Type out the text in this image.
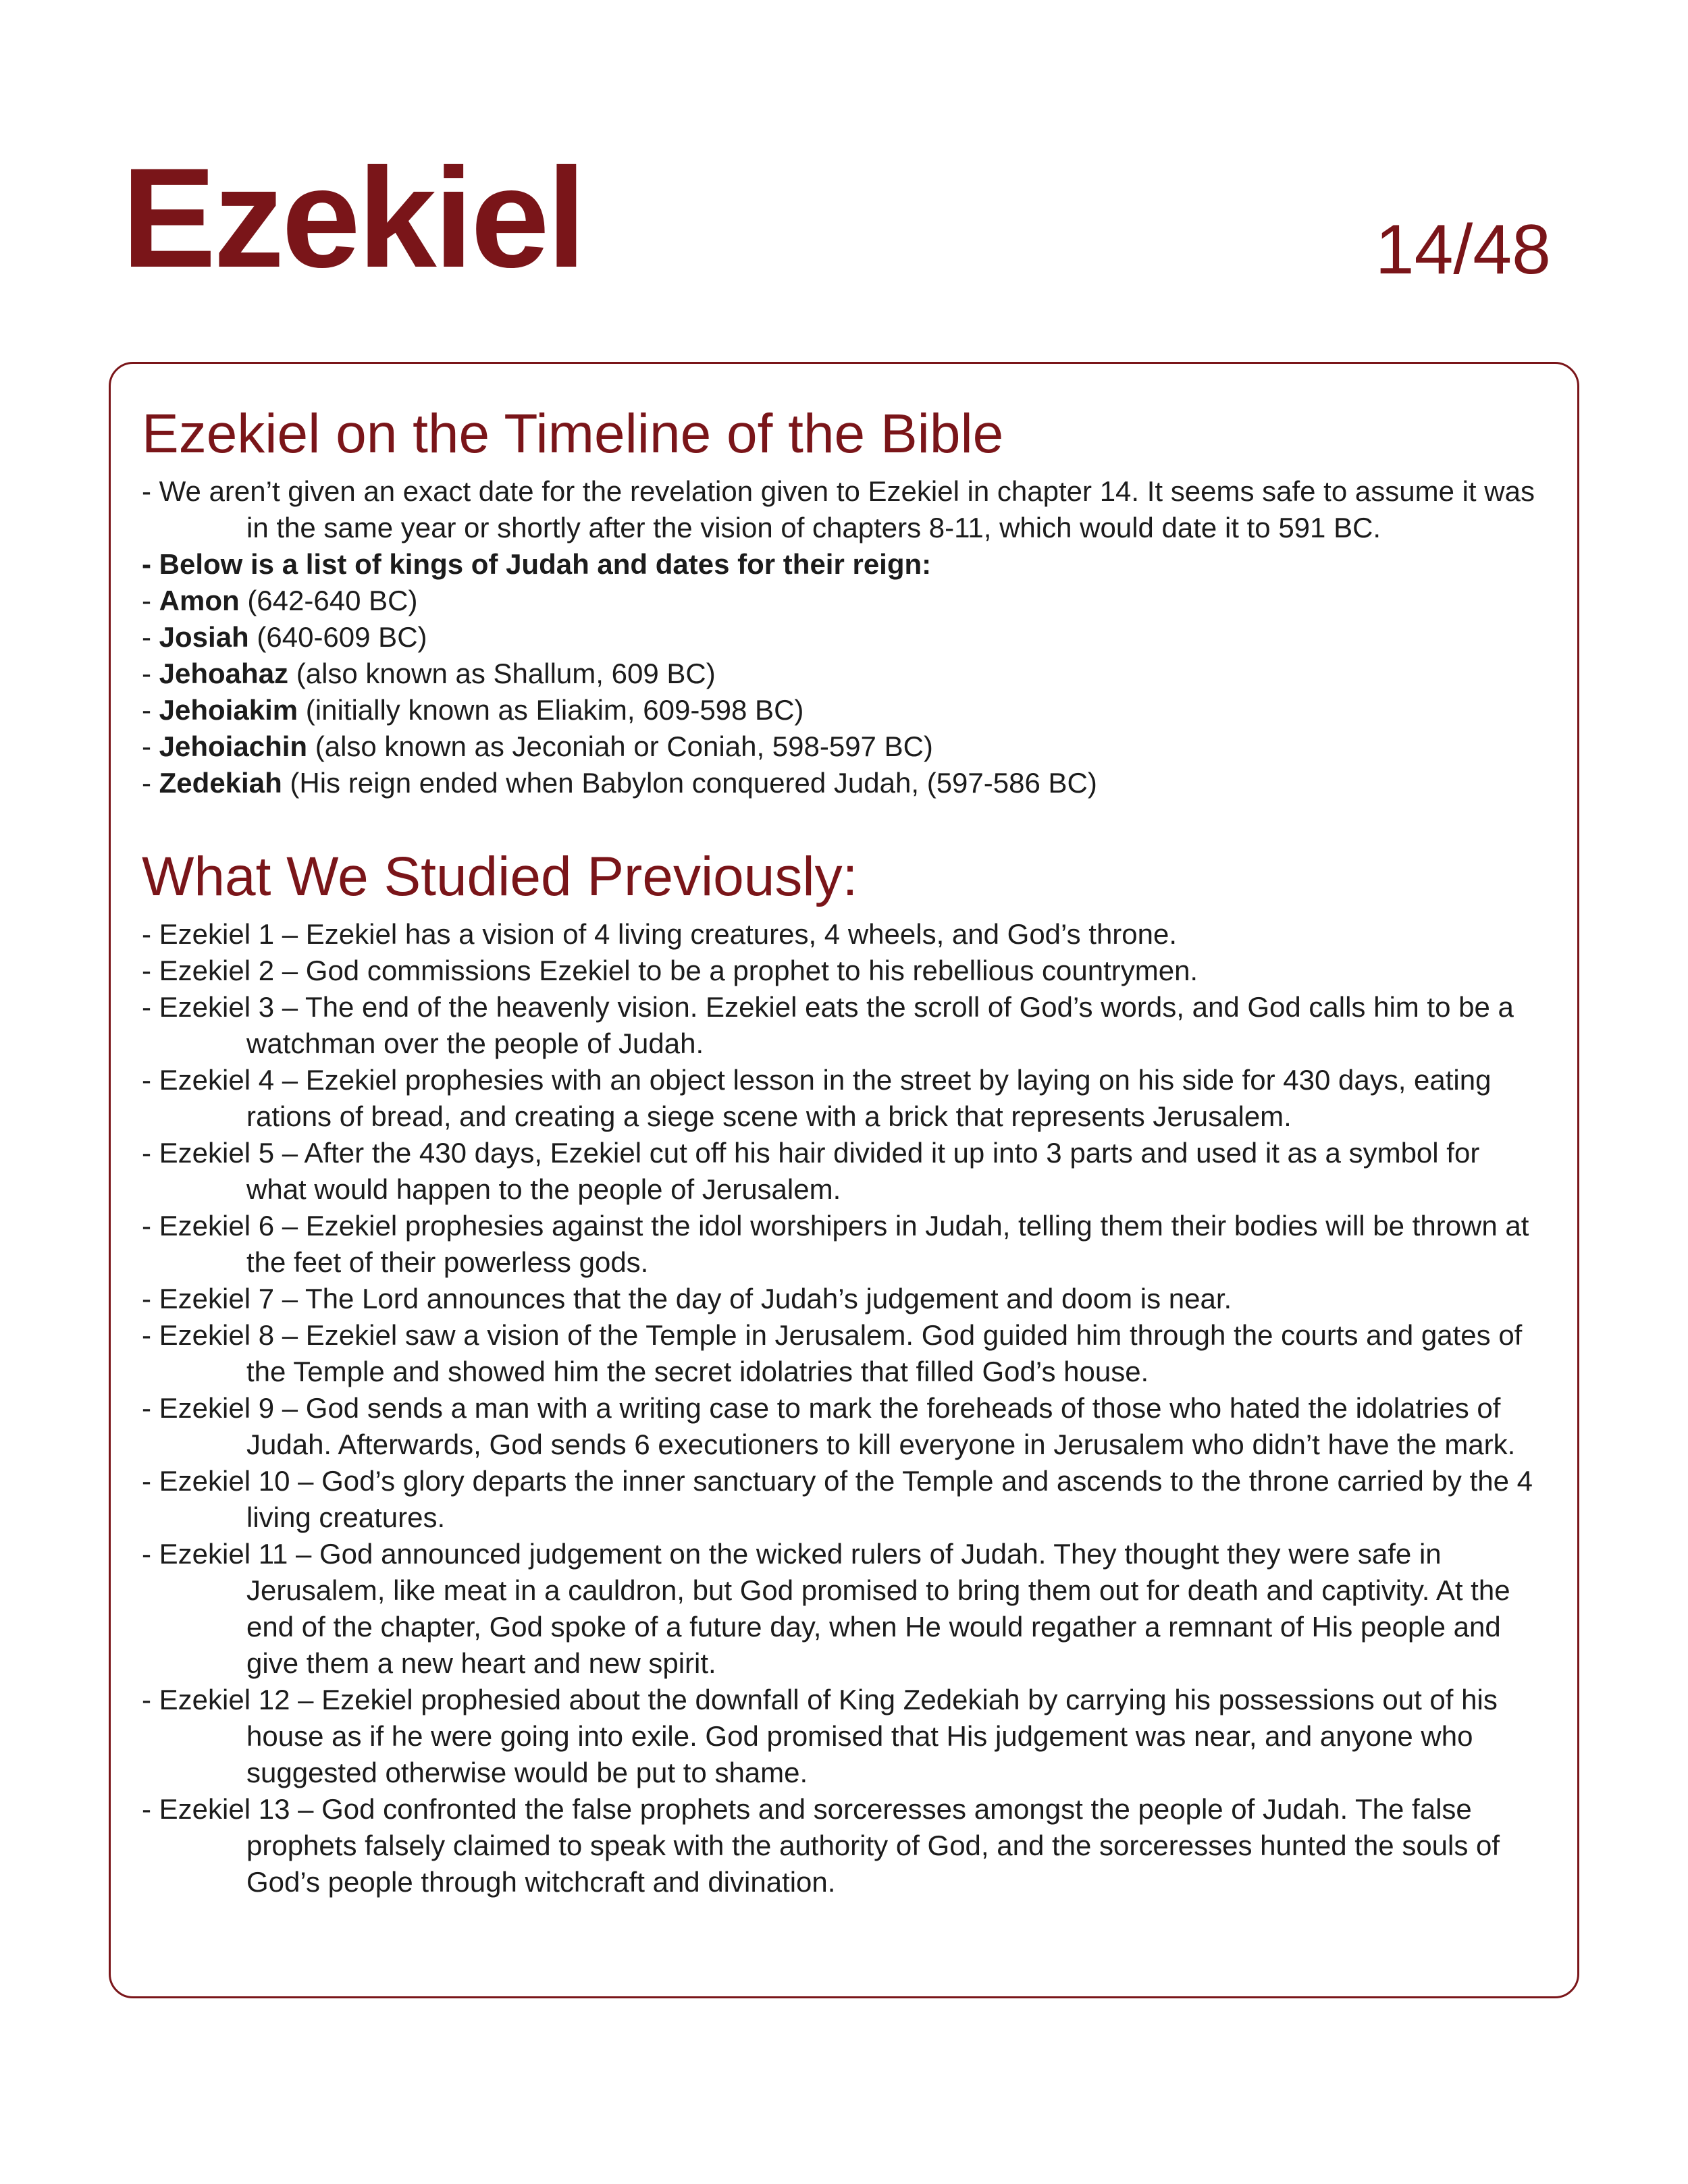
Ezekiel	14/48
Ezekiel on the Timeline of the Bible
- We aren’t given an exact date for the revelation given to Ezekiel in chapter 14. It seems safe to assume it was in the same year or shortly after the vision of chapters 8-11, which would date it to 591 BC.
- Below is a list of kings of Judah and dates for their reign:
- Amon (642-640 BC)
- Josiah (640-609 BC)
- Jehoahaz (also known as Shallum, 609 BC)
- Jehoiakim (initially known as Eliakim, 609-598 BC)
- Jehoiachin (also known as Jeconiah or Coniah, 598-597 BC)
- Zedekiah (His reign ended when Babylon conquered Judah, (597-586 BC)
What We Studied Previously:
- Ezekiel 1 – Ezekiel has a vision of 4 living creatures, 4 wheels, and God’s throne.
- Ezekiel 2 – God commissions Ezekiel to be a prophet to his rebellious countrymen.
- Ezekiel 3 – The end of the heavenly vision. Ezekiel eats the scroll of God’s words, and God calls him to be a watchman over the people of Judah.
- Ezekiel 4 – Ezekiel prophesies with an object lesson in the street by laying on his side for 430 days, eating rations of bread, and creating a siege scene with a brick that represents Jerusalem.
- Ezekiel 5 – After the 430 days, Ezekiel cut off his hair divided it up into 3 parts and used it as a symbol for what would happen to the people of Jerusalem.
- Ezekiel 6 – Ezekiel prophesies against the idol worshipers in Judah, telling them their bodies will be thrown at the feet of their powerless gods.
- Ezekiel 7 – The Lord announces that the day of Judah’s judgement and doom is near.
- Ezekiel 8 – Ezekiel saw a vision of the Temple in Jerusalem. God guided him through the courts and gates of the Temple and showed him the secret idolatries that filled God’s house.
- Ezekiel 9 – God sends a man with a writing case to mark the foreheads of those who hated the idolatries of Judah. Afterwards, God sends 6 executioners to kill everyone in Jerusalem who didn’t have the mark.
- Ezekiel 10 – God’s glory departs the inner sanctuary of the Temple and ascends to the throne carried by the 4 living creatures.
- Ezekiel 11 – God announced judgement on the wicked rulers of Judah. They thought they were safe in Jerusalem, like meat in a cauldron, but God promised to bring them out for death and captivity. At the end of the chapter, God spoke of a future day, when He would regather a remnant of His people and give them a new heart and new spirit.
- Ezekiel 12 – Ezekiel prophesied about the downfall of King Zedekiah by carrying his possessions out of his house as if he were going into exile. God promised that His judgement was near, and anyone who suggested otherwise would be put to shame.
- Ezekiel 13 – God confronted the false prophets and sorceresses amongst the people of Judah. The false prophets falsely claimed to speak with the authority of God, and the sorceresses hunted the souls of God’s people through witchcraft and divination.
